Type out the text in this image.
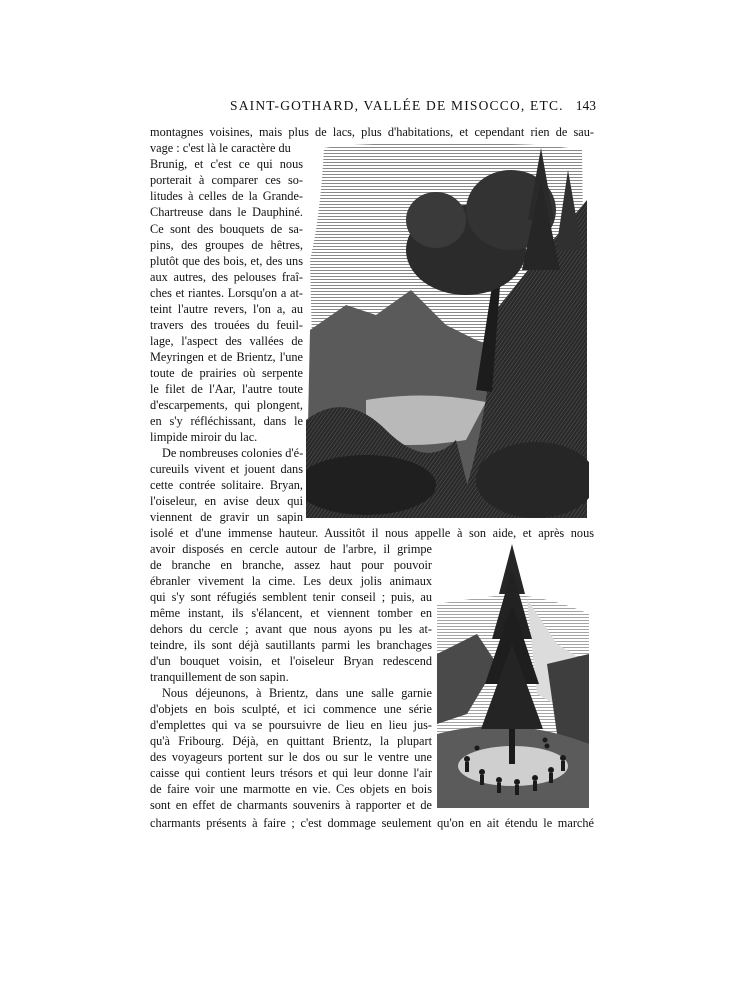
SAINT-GOTHARD, VALLÉE DE MISOCCO, ETC. 143
montagnes voisines, mais plus de lacs, plus d'habitations, et cependant rien de sau-
vage : c'est là le caractère du
Brunig, et c'est ce qui nous
porterait à comparer ces so-
litudes à celles de la Grande-
Chartreuse dans le Dauphiné.
Ce sont des bouquets de sa-
pins, des groupes de hêtres,
plutôt que des bois, et, des uns
aux autres, des pelouses fraî-
ches et riantes. Lorsqu'on a at-
teint l'autre revers, l'on a, au
travers des trouées du feuil-
lage, l'aspect des vallées de
Meyringen et de Brientz, l'une
toute de prairies où serpente
le filet de l'Aar, l'autre toute
d'escarpements, qui plongent,
en s'y réfléchissant, dans le
limpide miroir du lac.
De nombreuses colonies d'é-
cureuils vivent et jouent dans
cette contrée solitaire. Bryan,
l'oiseleur, en avise deux qui
viennent de gravir un sapin
isolé et d'une immense hauteur. Aussitôt il nous appelle à son aide, et après nous
avoir disposés en cercle autour de l'arbre, il grimpe
de branche en branche, assez haut pour pouvoir
ébranler vivement la cime. Les deux jolis animaux
qui s'y sont réfugiés semblent tenir conseil ; puis, au
même instant, ils s'élancent, et viennent tomber en
dehors du cercle ; avant que nous ayons pu les at-
teindre, ils sont déjà sautillants parmi les branchages
d'un bouquet voisin, et l'oiseleur Bryan redescend
tranquillement de son sapin.
Nous déjeunons, à Brientz, dans une salle garnie
d'objets en bois sculpté, et ici commence une série
d'emplettes qui va se poursuivre de lieu en lieu jus-
qu'à Fribourg. Déjà, en quittant Brientz, la plupart
des voyageurs portent sur le dos ou sur le ventre une
caisse qui contient leurs trésors et qui leur donne l'air
de faire voir une marmotte en vie. Ces objets en bois
sont en effet de charmants souvenirs à rapporter et de
charmants présents à faire ; c'est dommage seulement qu'on en ait étendu le marché
